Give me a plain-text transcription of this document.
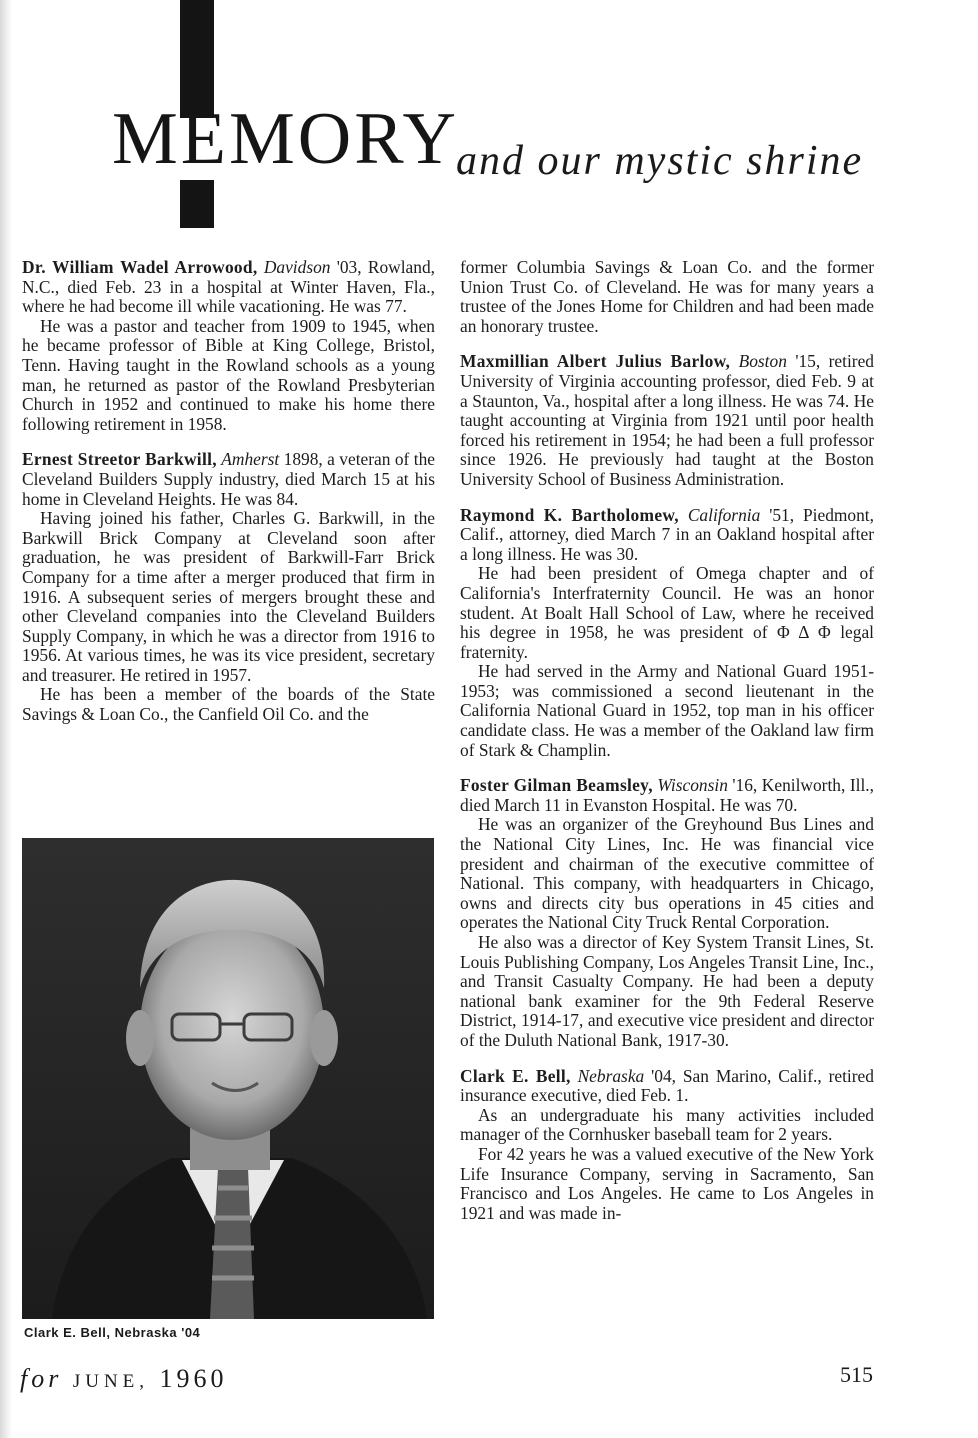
MEMORY
and our mystic shrine

Dr. William Wadel Arrowood, Davidson '03, Rowland, N.C., died Feb. 23 in a hospital at Winter Haven, Fla., where he had become ill while vacationing. He was 77.

He was a pastor and teacher from 1909 to 1945, when he became professor of Bible at King College, Bristol, Tenn. Having taught in the Rowland schools as a young man, he returned as pastor of the Rowland Presbyterian Church in 1952 and continued to make his home there following retirement in 1958.

Ernest Streetor Barkwill, Amherst 1898, a veteran of the Cleveland Builders Supply industry, died March 15 at his home in Cleveland Heights. He was 84.

Having joined his father, Charles G. Barkwill, in the Barkwill Brick Company at Cleveland soon after graduation, he was president of Barkwill-Farr Brick Company for a time after a merger produced that firm in 1916. A subsequent series of mergers brought these and other Cleveland companies into the Cleveland Builders Supply Company, in which he was a director from 1916 to 1956. At various times, he was its vice president, secretary and treasurer. He retired in 1957.

He has been a member of the boards of the State Savings & Loan Co., the Canfield Oil Co. and the

former Columbia Savings & Loan Co. and the former Union Trust Co. of Cleveland. He was for many years a trustee of the Jones Home for Children and had been made an honorary trustee.

Maxmillian Albert Julius Barlow, Boston '15, retired University of Virginia accounting professor, died Feb. 9 at a Staunton, Va., hospital after a long illness. He was 74. He taught accounting at Virginia from 1921 until poor health forced his retirement in 1954; he had been a full professor since 1926. He previously had taught at the Boston University School of Business Administration.

Raymond K. Bartholomew, California '51, Piedmont, Calif., attorney, died March 7 in an Oakland hospital after a long illness. He was 30.

He had been president of Omega chapter and of California's Interfraternity Council. He was an honor student. At Boalt Hall School of Law, where he received his degree in 1958, he was president of Φ Δ Φ legal fraternity.

He had served in the Army and National Guard 1951-1953; was commissioned a second lieutenant in the California National Guard in 1952, top man in his officer candidate class. He was a member of the Oakland law firm of Stark & Champlin.

Foster Gilman Beamsley, Wisconsin '16, Kenilworth, Ill., died March 11 in Evanston Hospital. He was 70.

He was an organizer of the Greyhound Bus Lines and the National City Lines, Inc. He was financial vice president and chairman of the executive committee of National. This company, with headquarters in Chicago, owns and directs city bus operations in 45 cities and operates the National City Truck Rental Corporation.

He also was a director of Key System Transit Lines, St. Louis Publishing Company, Los Angeles Transit Line, Inc., and Transit Casualty Company. He had been a deputy national bank examiner for the 9th Federal Reserve District, 1914-17, and executive vice president and director of the Duluth National Bank, 1917-30.

Clark E. Bell, Nebraska '04, San Marino, Calif., retired insurance executive, died Feb. 1.

As an undergraduate his many activities included manager of the Cornhusker baseball team for 2 years.

For 42 years he was a valued executive of the New York Life Insurance Company, serving in Sacramento, San Francisco and Los Angeles. He came to Los Angeles in 1921 and was made in-

Clark E. Bell, Nebraska '04
for JUNE, 1960	515
